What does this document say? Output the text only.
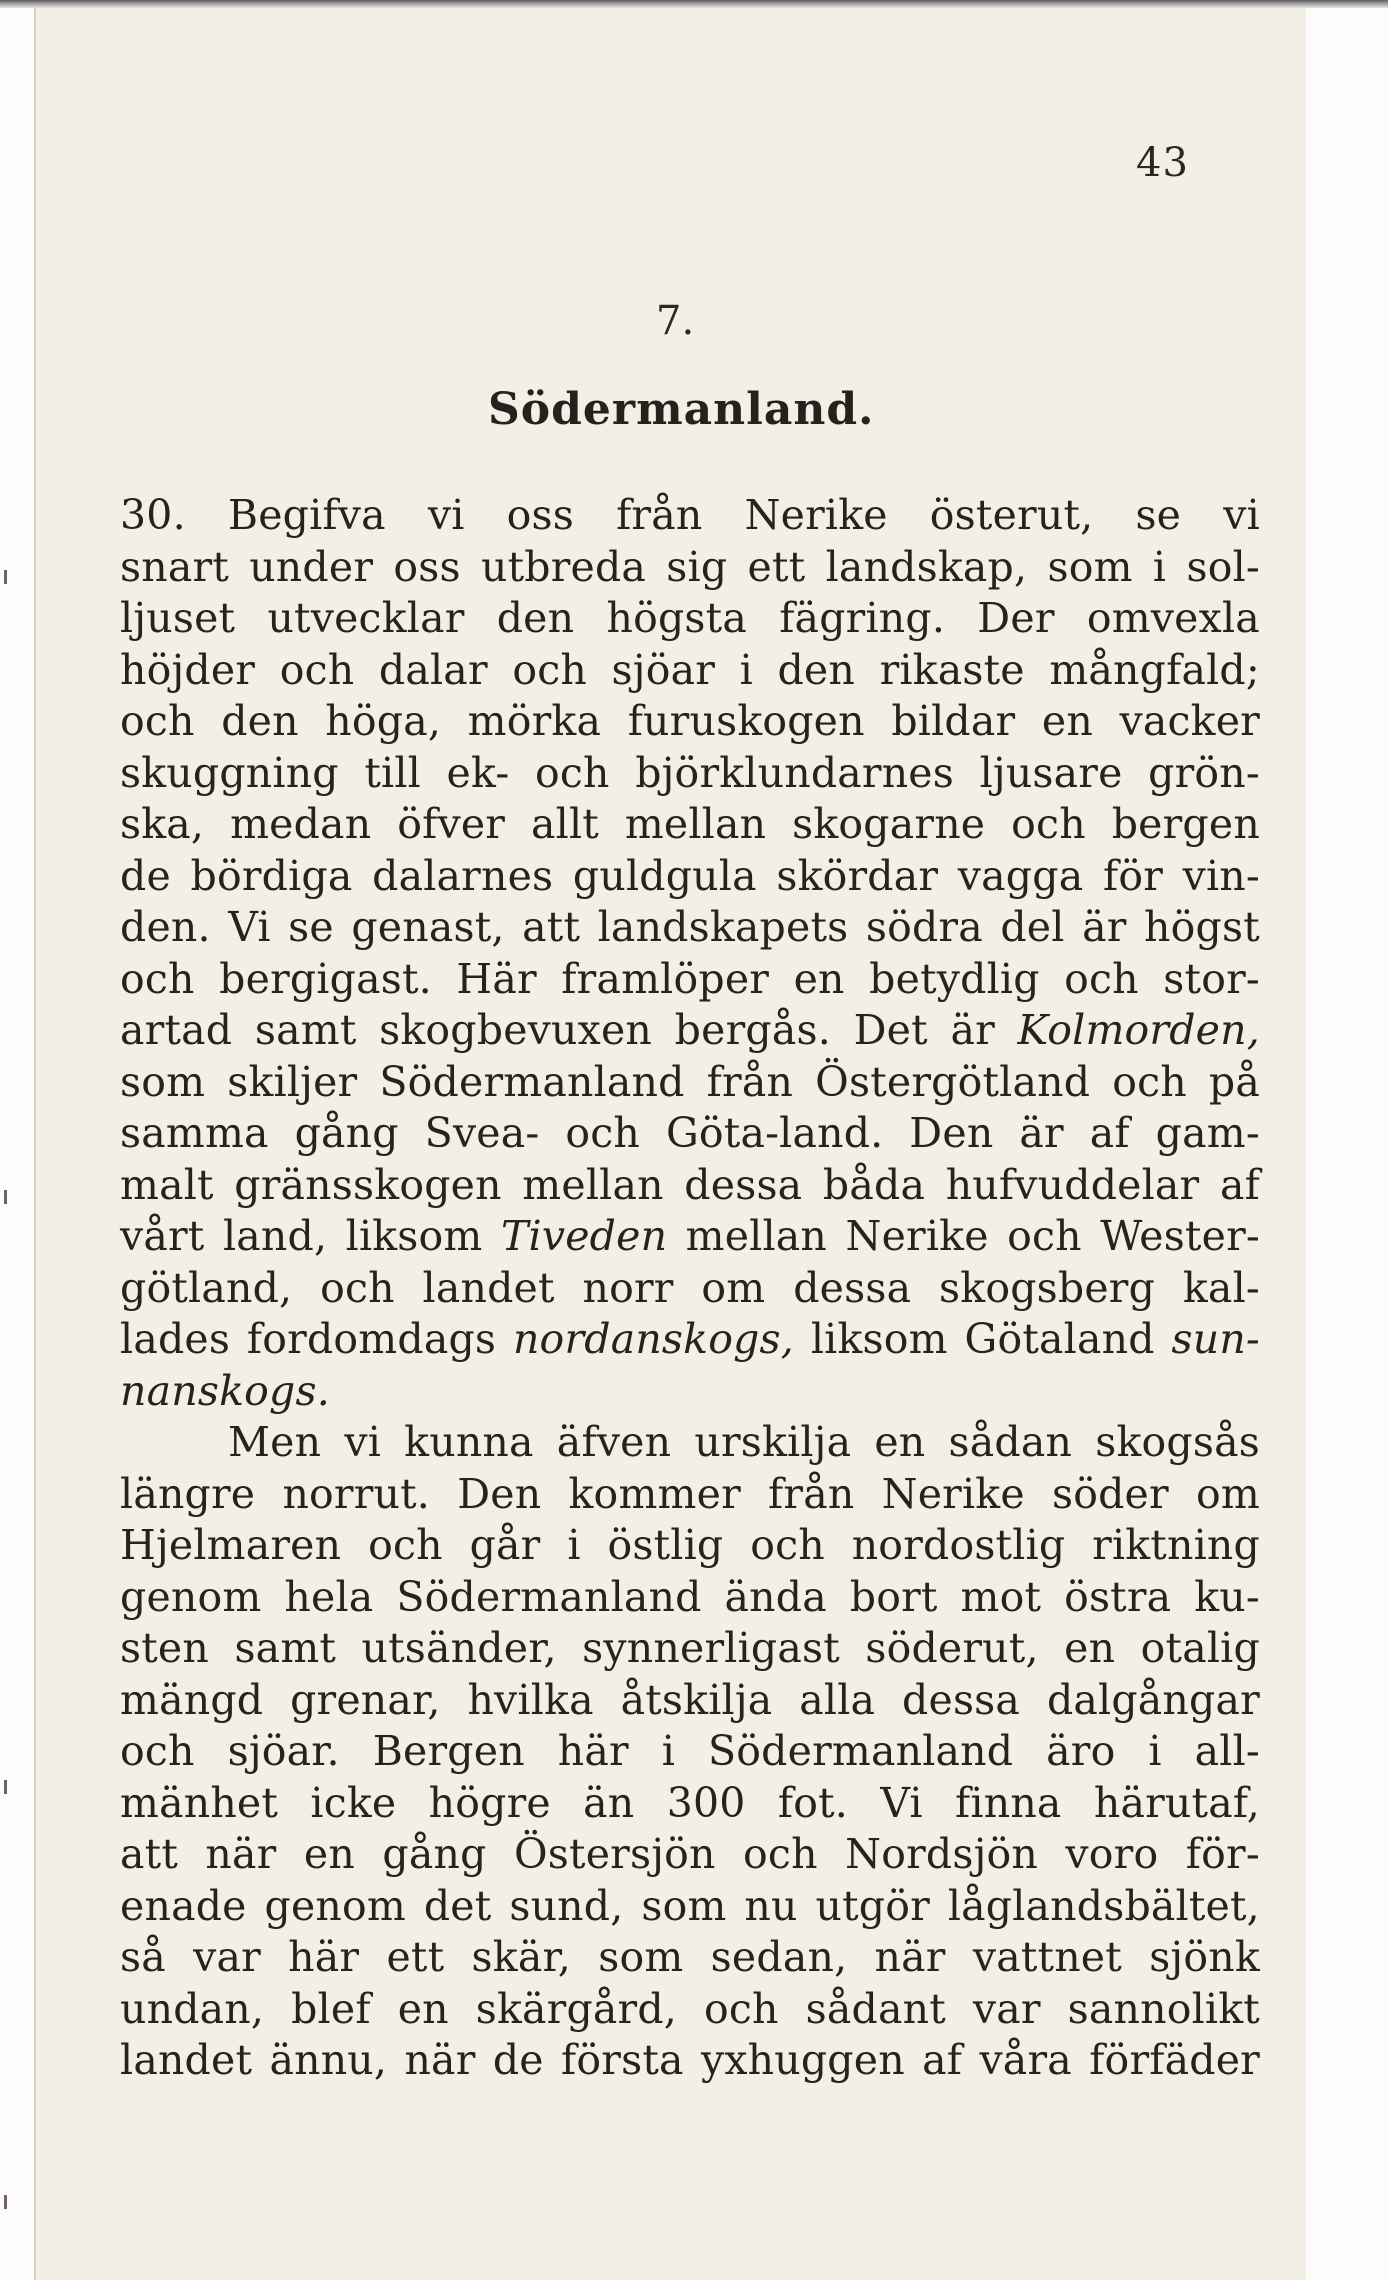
43
7.
Södermanland.
30. Begifva vi oss från Nerike österut, se vi
snart under oss utbreda sig ett landskap, som i sol-
ljuset utvecklar den högsta fägring. Der omvexla
höjder och dalar och sjöar i den rikaste mångfald;
och den höga, mörka furuskogen bildar en vacker
skuggning till ek- och björklundarnes ljusare grön-
ska, medan öfver allt mellan skogarne och bergen
de bördiga dalarnes guldgula skördar vagga för vin-
den. Vi se genast, att landskapets södra del är högst
och bergigast. Här framlöper en betydlig och stor-
artad samt skogbevuxen bergås. Det är Kolmorden,
som skiljer Södermanland från Östergötland och på
samma gång Svea- och Göta-land. Den är af gam-
malt gränsskogen mellan dessa båda hufvuddelar af
vårt land, liksom Tiveden mellan Nerike och Wester-
götland, och landet norr om dessa skogsberg kal-
lades fordomdags nordanskogs, liksom Götaland sun-
nanskogs.
Men vi kunna äfven urskilja en sådan skogsås
längre norrut. Den kommer från Nerike söder om
Hjelmaren och går i östlig och nordostlig riktning
genom hela Södermanland ända bort mot östra ku-
sten samt utsänder, synnerligast söderut, en otalig
mängd grenar, hvilka åtskilja alla dessa dalgångar
och sjöar. Bergen här i Södermanland äro i all-
mänhet icke högre än 300 fot. Vi finna härutaf,
att när en gång Östersjön och Nordsjön voro för-
enade genom det sund, som nu utgör låglandsbältet,
så var här ett skär, som sedan, när vattnet sjönk
undan, blef en skärgård, och sådant var sannolikt
landet ännu, när de första yxhuggen af våra förfäder
